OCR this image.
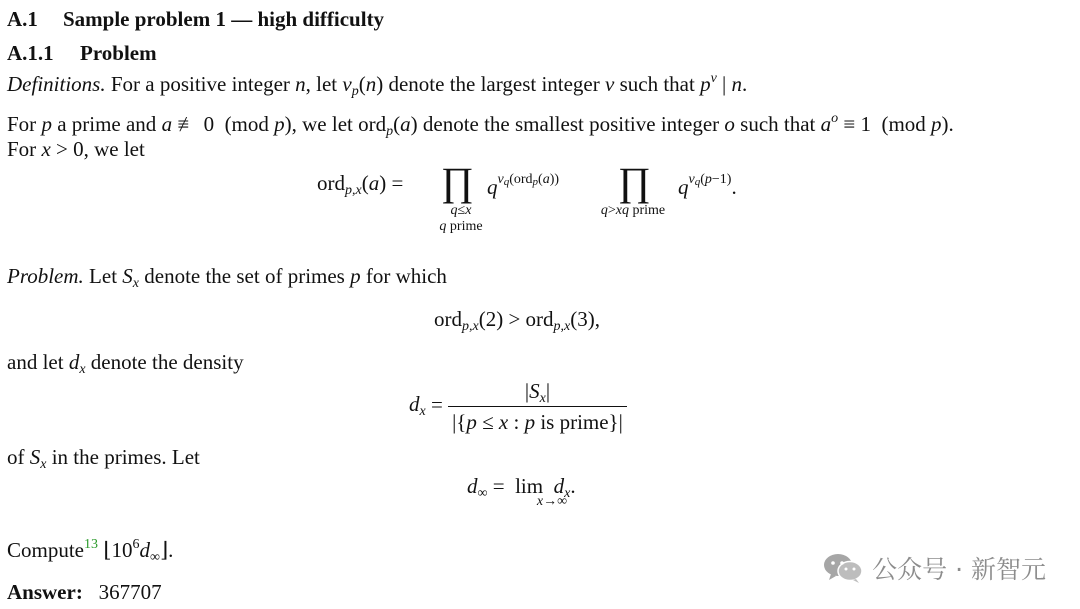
A.1 Sample problem 1 — high difficulty
A.1.1 Problem
Definitions. For a positive integer n, let $v_p(n)$ denote the largest integer v such that $p^v$ | n.
For p a prime and a ≢ 0  (mod p), we let ord$_p$(a) denote the smallest positive integer o such that $a^o \equiv 1$  (mod p).
For x > 0, we let
ord$_{p,x}$(a) = ∏
q≤x
q prime
$q^{v_q(ord_p(a))}$ ∏
q>xq prime
$q^{v_q(p-1)}$.
Problem. Let $S_x$ denote the set of primes p for which
ord$_{p,x}$(2) > ord$_{p,x}$(3),
and let $d_x$ denote the density
$d_x = \frac{|S_x|}{\text{|\{p ≤ x : p is prime\}|}}$
of $S_x$ in the primes. Let
$d_\infty = \lim d_x$.
x→∞
Compute$^{13}$ $⌊10^6d_\infty⌋$.
Answer: 367707
公众号 · 新智元
